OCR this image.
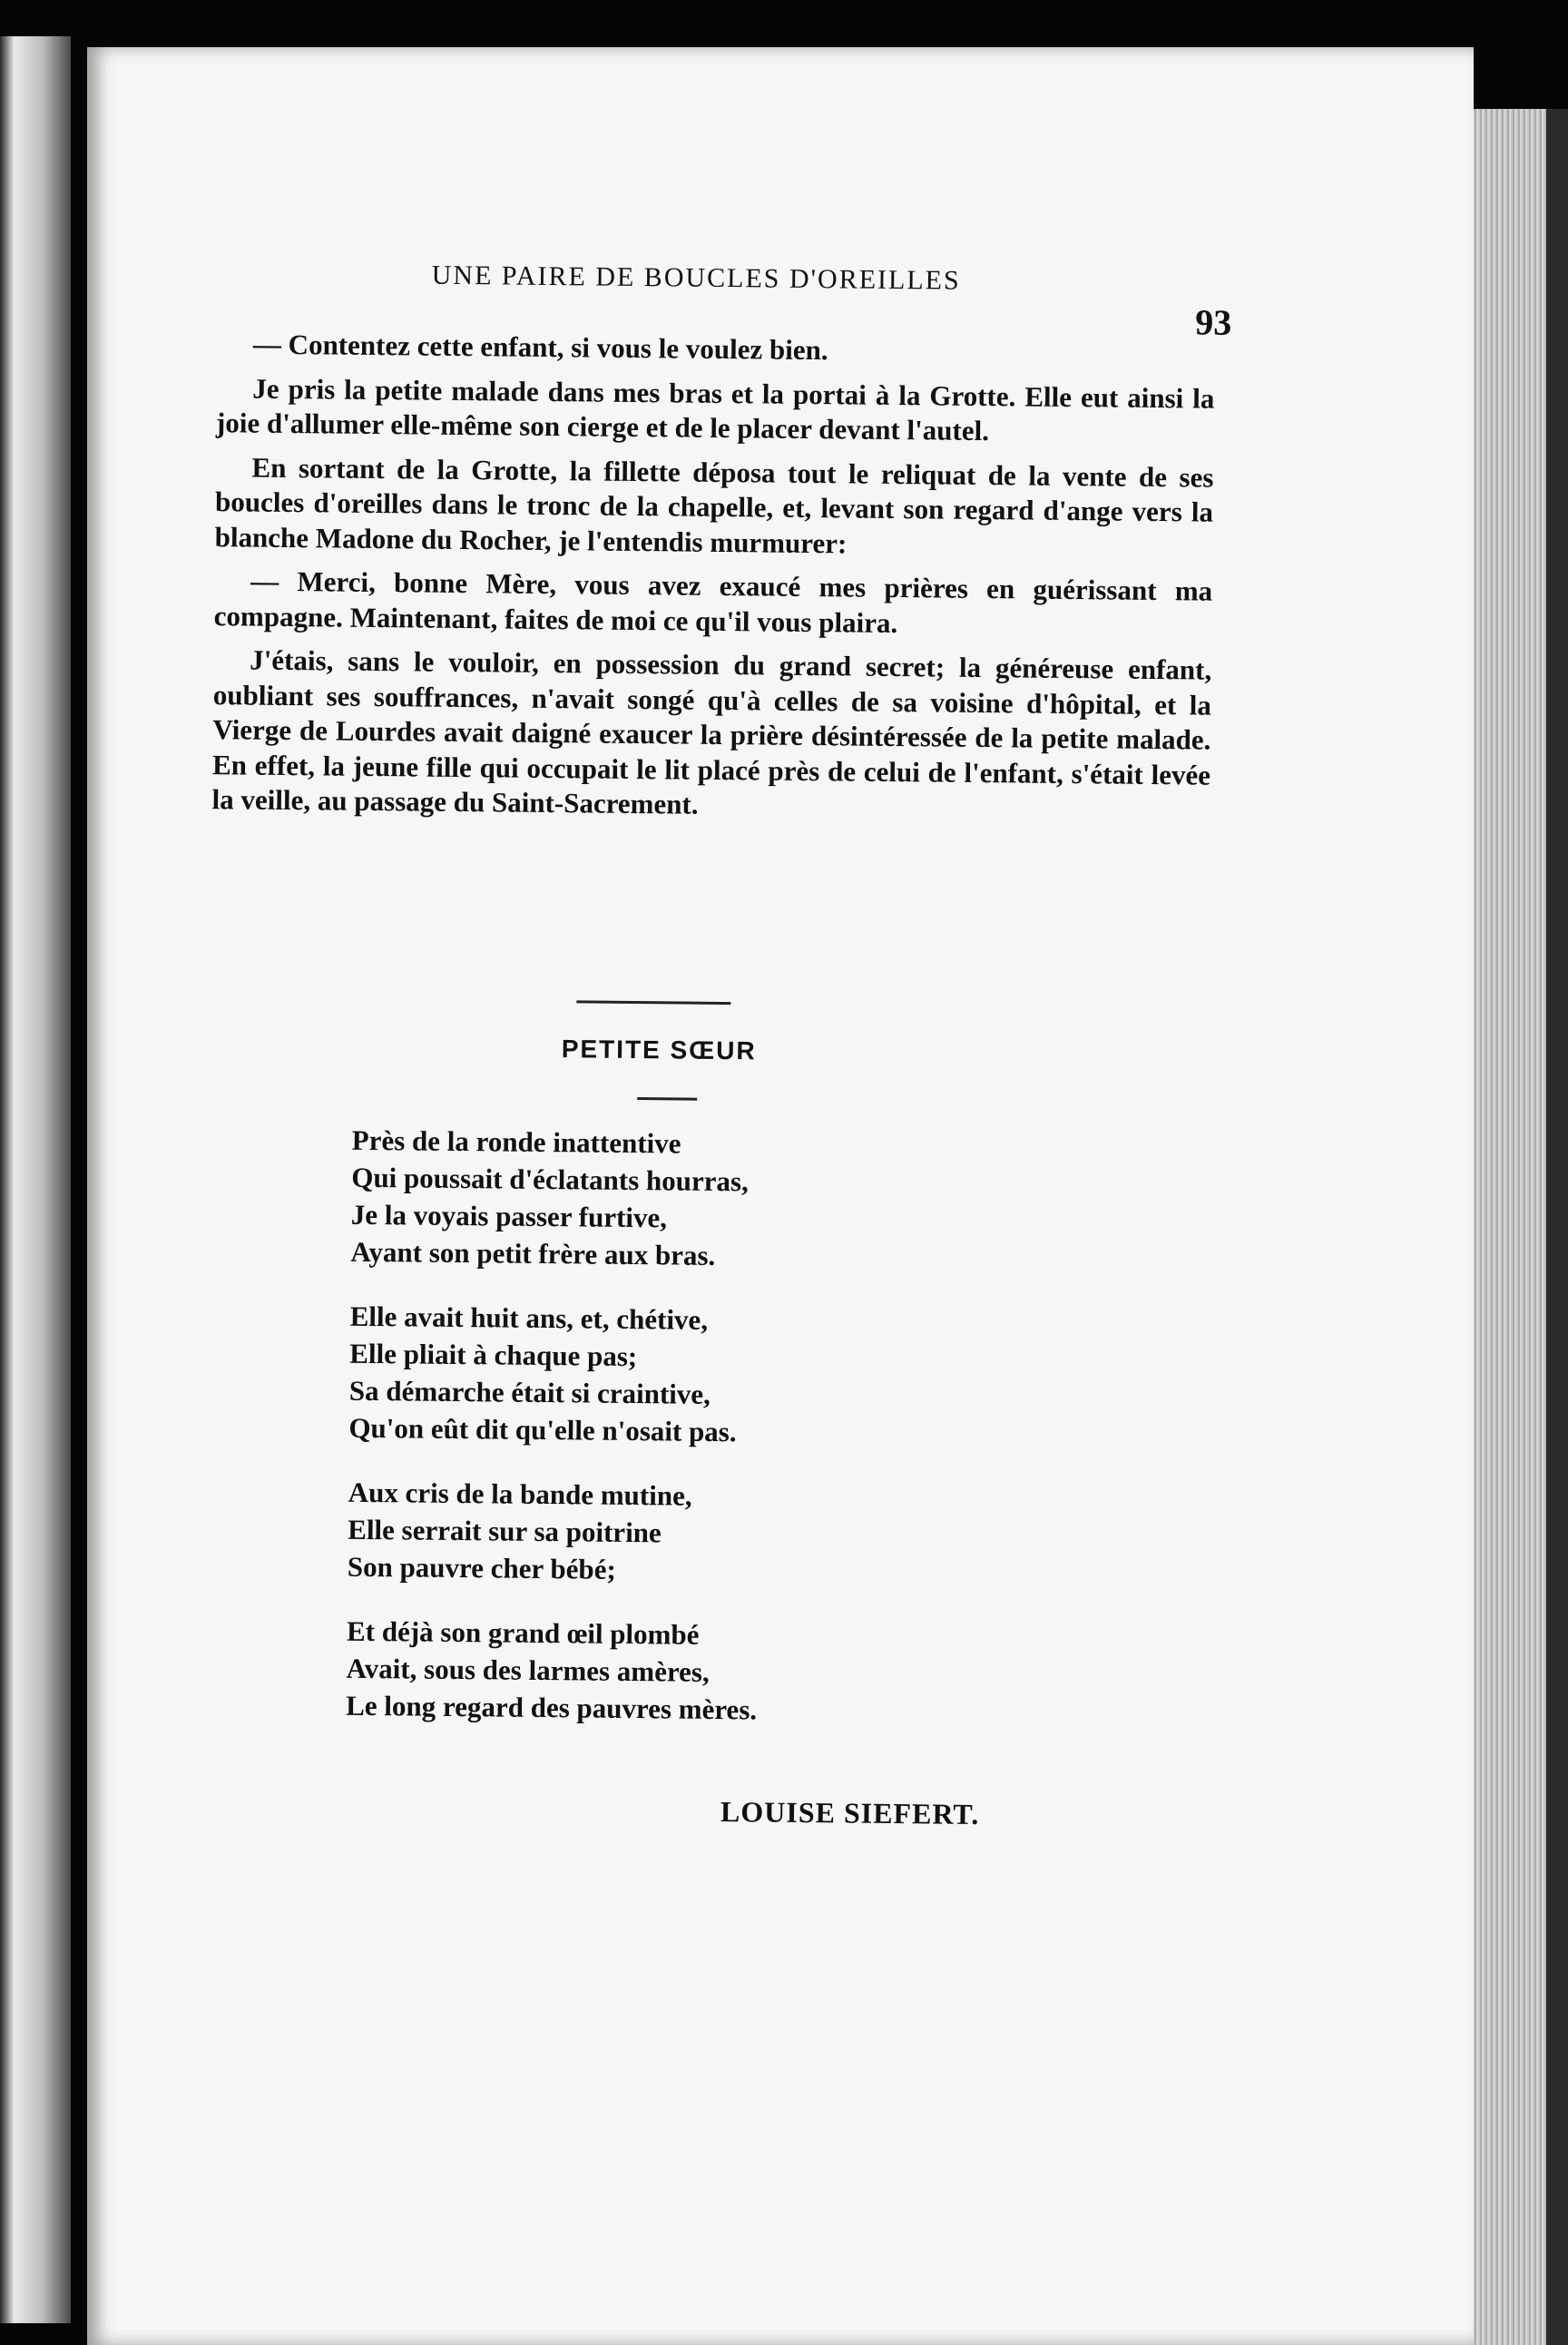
UNE PAIRE DE BOUCLES D'OREILLES
93

— Contentez cette enfant, si vous le voulez bien.

Je pris la petite malade dans mes bras et la portai à la Grotte. Elle eut ainsi la joie d'allumer elle-même son cierge et de le placer devant l'autel.

En sortant de la Grotte, la fillette déposa tout le reliquat de la vente de ses boucles d'oreilles dans le tronc de la chapelle, et, levant son regard d'ange vers la blanche Madone du Rocher, je l'entendis murmurer:

— Merci, bonne Mère, vous avez exaucé mes prières en guérissant ma compagne. Maintenant, faites de moi ce qu'il vous plaira.

J'étais, sans le vouloir, en possession du grand secret; la généreuse enfant, oubliant ses souffrances, n'avait songé qu'à celles de sa voisine d'hôpital, et la Vierge de Lourdes avait daigné exaucer la prière désintéressée de la petite malade. En effet, la jeune fille qui occupait le lit placé près de celui de l'enfant, s'était levée la veille, au passage du Saint-Sacrement.

PETITE SŒUR
Près de la ronde inattentive
Qui poussait d'éclatants hourras,
Je la voyais passer furtive,
Ayant son petit frère aux bras.
Elle avait huit ans, et, chétive,
Elle pliait à chaque pas;
Sa démarche était si craintive,
Qu'on eût dit qu'elle n'osait pas.
Aux cris de la bande mutine,
Elle serrait sur sa poitrine
Son pauvre cher bébé;
Et déjà son grand œil plombé
Avait, sous des larmes amères,
Le long regard des pauvres mères.
LOUISE SIEFERT.
